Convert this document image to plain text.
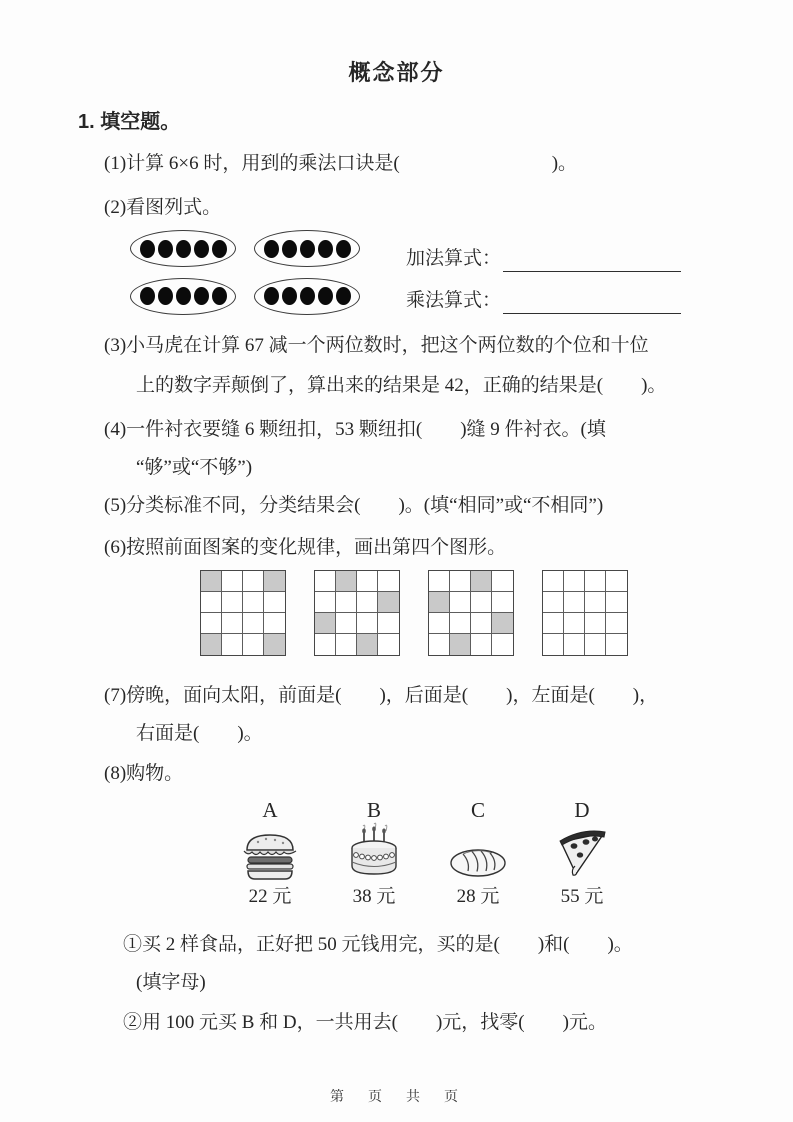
概念部分
1. 填空题。
(1)计算 6×6 时，用到的乘法口诀是(　　　　　　　　)。
(2)看图列式。
加法算式：
乘法算式：
(3)小马虎在计算 67 减一个两位数时，把这个两位数的个位和十位
上的数字弄颠倒了，算出来的结果是 42，正确的结果是(　　)。
(4)一件衬衣要缝 6 颗纽扣，53 颗纽扣(　　)缝 9 件衬衣。(填
“够”或“不够”)
(5)分类标准不同，分类结果会(　　)。(填“相同”或“不相同”)
(6)按照前面图案的变化规律，画出第四个图形。
(7)傍晚，面向太阳，前面是(　　)，后面是(　　)，左面是(　　)，
右面是(　　)。
(8)购物。
A	B	C	D
22 元	38 元	28 元	55 元
①买 2 样食品，正好把 50 元钱用完，买的是(　　)和(　　)。
(填字母)
②用 100 元买 B 和 D，一共用去(　　)元，找零(　　)元。
第　页　共　页
